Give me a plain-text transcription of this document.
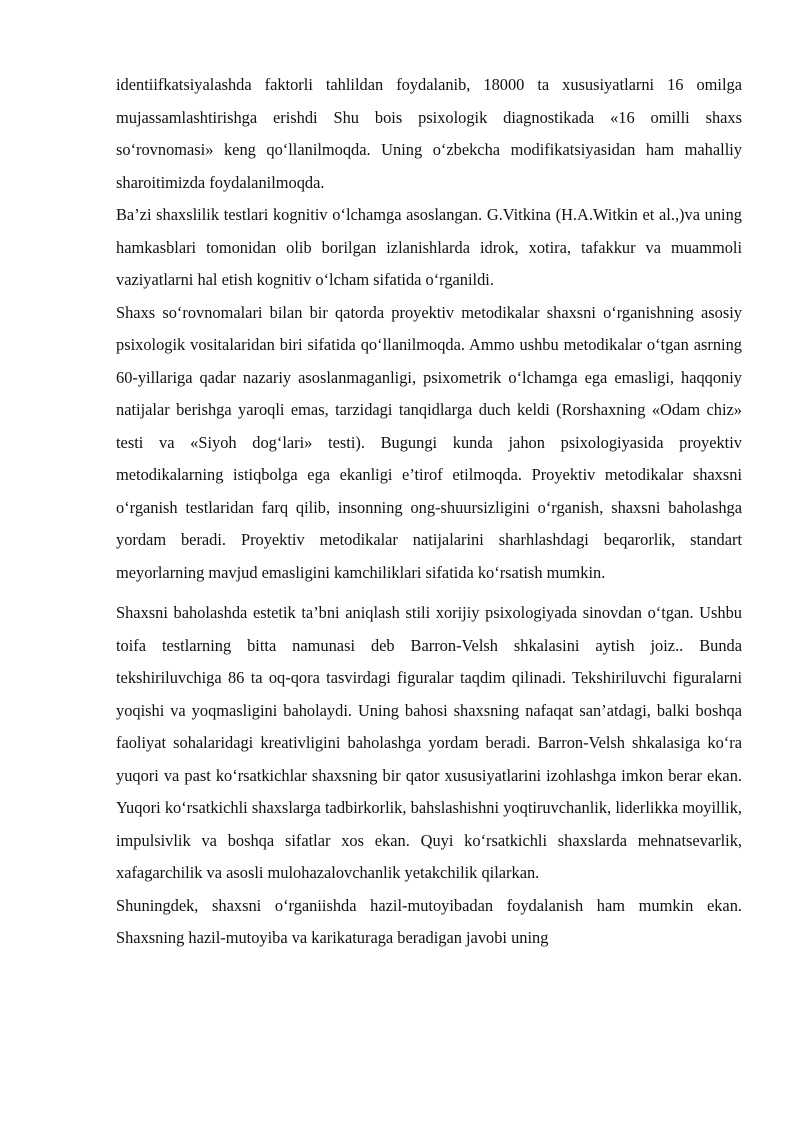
identiifkatsiyalashda faktorli tahlildan foydalanib, 18000 ta xususiyatlarni 16 omilga mujassamlashtirishga erishdi Shu bois psixologik diagnostikada «16 omilli shaxs so‘rovnomasi» keng qo‘llanilmoqda. Uning o‘zbekcha modifikatsiyasidan ham mahalliy sharoitimizda foydalanilmoqda.

Ba’zi shaxslilik testlari kognitiv o‘lchamga asoslangan. G.Vitkina (H.A.Witkin et al.,)va uning hamkasblari tomonidan olib borilgan izlanishlarda idrok, xotira, tafakkur va muammoli vaziyatlarni hal etish kognitiv o‘lcham sifatida o‘rganildi.

Shaxs so‘rovnomalari bilan bir qatorda proyektiv metodikalar shaxsni o‘rganishning asosiy psixologik vositalaridan biri sifatida qo‘llanilmoqda. Ammo ushbu metodikalar o‘tgan asrning 60-yillariga qadar nazariy asoslanmaganligi, psixometrik o‘lchamga ega emasligi, haqqoniy natijalar berishga yaroqli emas, tarzidagi tanqidlarga duch keldi (Rorshaxning «Odam chiz» testi va «Siyoh dog‘lari» testi). Bugungi kunda jahon psixologiyasida proyektiv metodikalarning istiqbolga ega ekanligi e’tirof etilmoqda. Proyektiv metodikalar shaxsni o‘rganish testlaridan farq qilib, insonning ong-shuursizligini o‘rganish, shaxsni baholashga yordam beradi. Proyektiv metodikalar natijalarini sharhlashdagi beqarorlik, standart meyorlarning mavjud emasligini kamchiliklari sifatida ko‘rsatish mumkin.

Shaxsni baholashda estetik ta’bni aniqlash stili xorijiy psixologiyada sinovdan o‘tgan. Ushbu toifa testlarning bitta namunasi deb Barron-Velsh shkalasini aytish joiz.. Bunda tekshiriluvchiga 86 ta oq-qora tasvirdagi figuralar taqdim qilinadi. Tekshiriluvchi figuralarni yoqishi va yoqmasligini baholaydi. Uning bahosi shaxsning nafaqat san’atdagi, balki boshqa faoliyat sohalaridagi kreativligini baholashga yordam beradi. Barron-Velsh shkalasiga ko‘ra yuqori va past ko‘rsatkichlar shaxsning bir qator xususiyatlarini izohlashga imkon berar ekan. Yuqori ko‘rsatkichli shaxslarga tadbirkorlik, bahslashishni yoqtiruvchanlik, liderlikka moyillik, impulsivlik va boshqa sifatlar xos ekan. Quyi ko‘rsatkichli shaxslarda mehnatsevarlik, xafagarchilik va asosli mulohazalovchanlik yetakchilik qilarkan.

Shuningdek, shaxsni o‘rganiishda hazil-mutoyibadan foydalanish ham mumkin ekan. Shaxsning hazil-mutoyiba va karikaturaga beradigan javobi uning
